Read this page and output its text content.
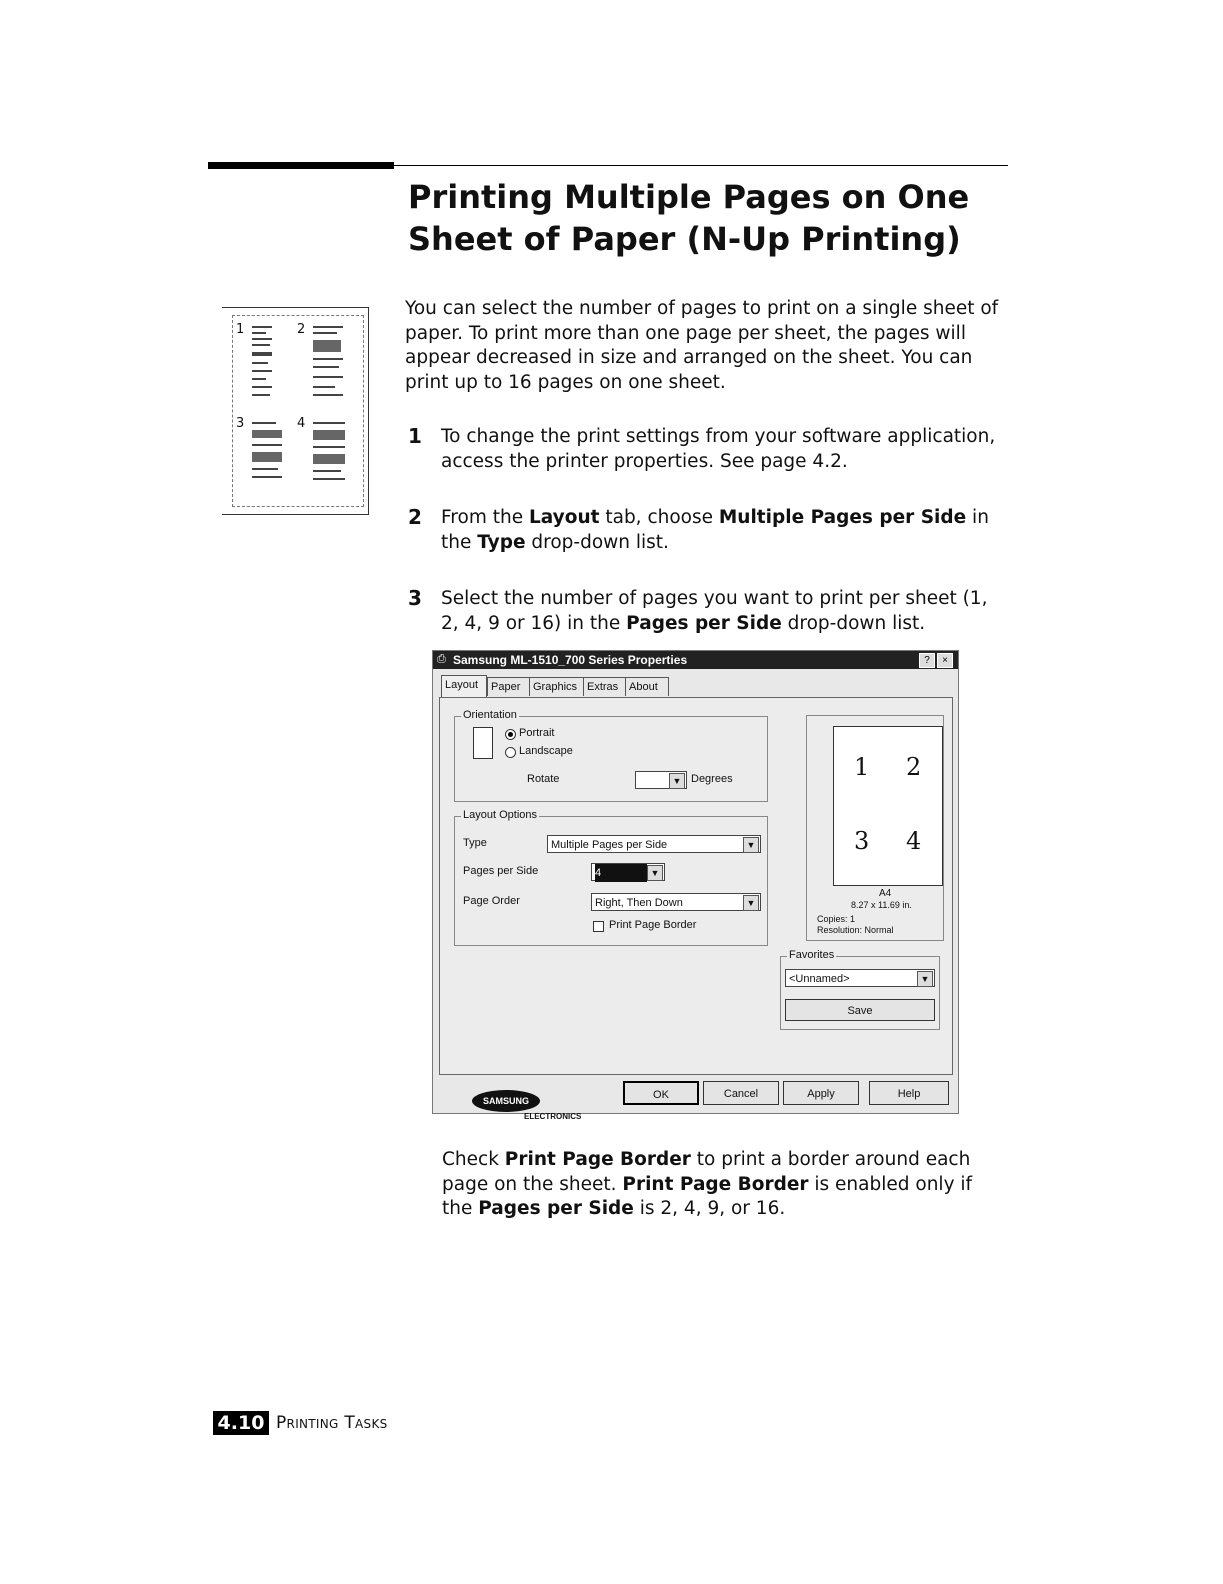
Printing Multiple Pages on One
Sheet of Paper (N-Up Printing)
1	2
3	4

You can select the number of pages to print on a single sheet of
paper. To print more than one page per sheet, the pages will
appear decreased in size and arranged on the sheet. You can
print up to 16 pages on one sheet.

1 To change the print settings from your software application,
access the printer properties. See page 4.2.
2 From the Layout tab, choose Multiple Pages per Side in
the Type drop-down list.
3 Select the number of pages you want to print per sheet (1,
2, 4, 9 or 16) in the Pages per Side drop-down list.
⎙ Samsung ML-1510_700 Series Properties	?	×
Layout	Paper	Graphics Extras About
Orientation
Portrait
Landscape
Rotate	▼ Degrees
Layout Options
Type	Multiple Pages per Side	▼
Pages per Side	4	▼
Page Order	Right, Then Down	▼
Print Page Border
1 2
3 4
A4
8.27 x 11.69 in.
Copies: 1
Resolution: Normal
Favorites
<Unnamed>	▼
Save
SAMSUNG
ELECTRONICS
OK	Cancel	Apply	Help

Check Print Page Border to print a border around each
page on the sheet. Print Page Border is enabled only if
the Pages per Side is 2, 4, 9, or 16.

4.10 Printing Tasks
